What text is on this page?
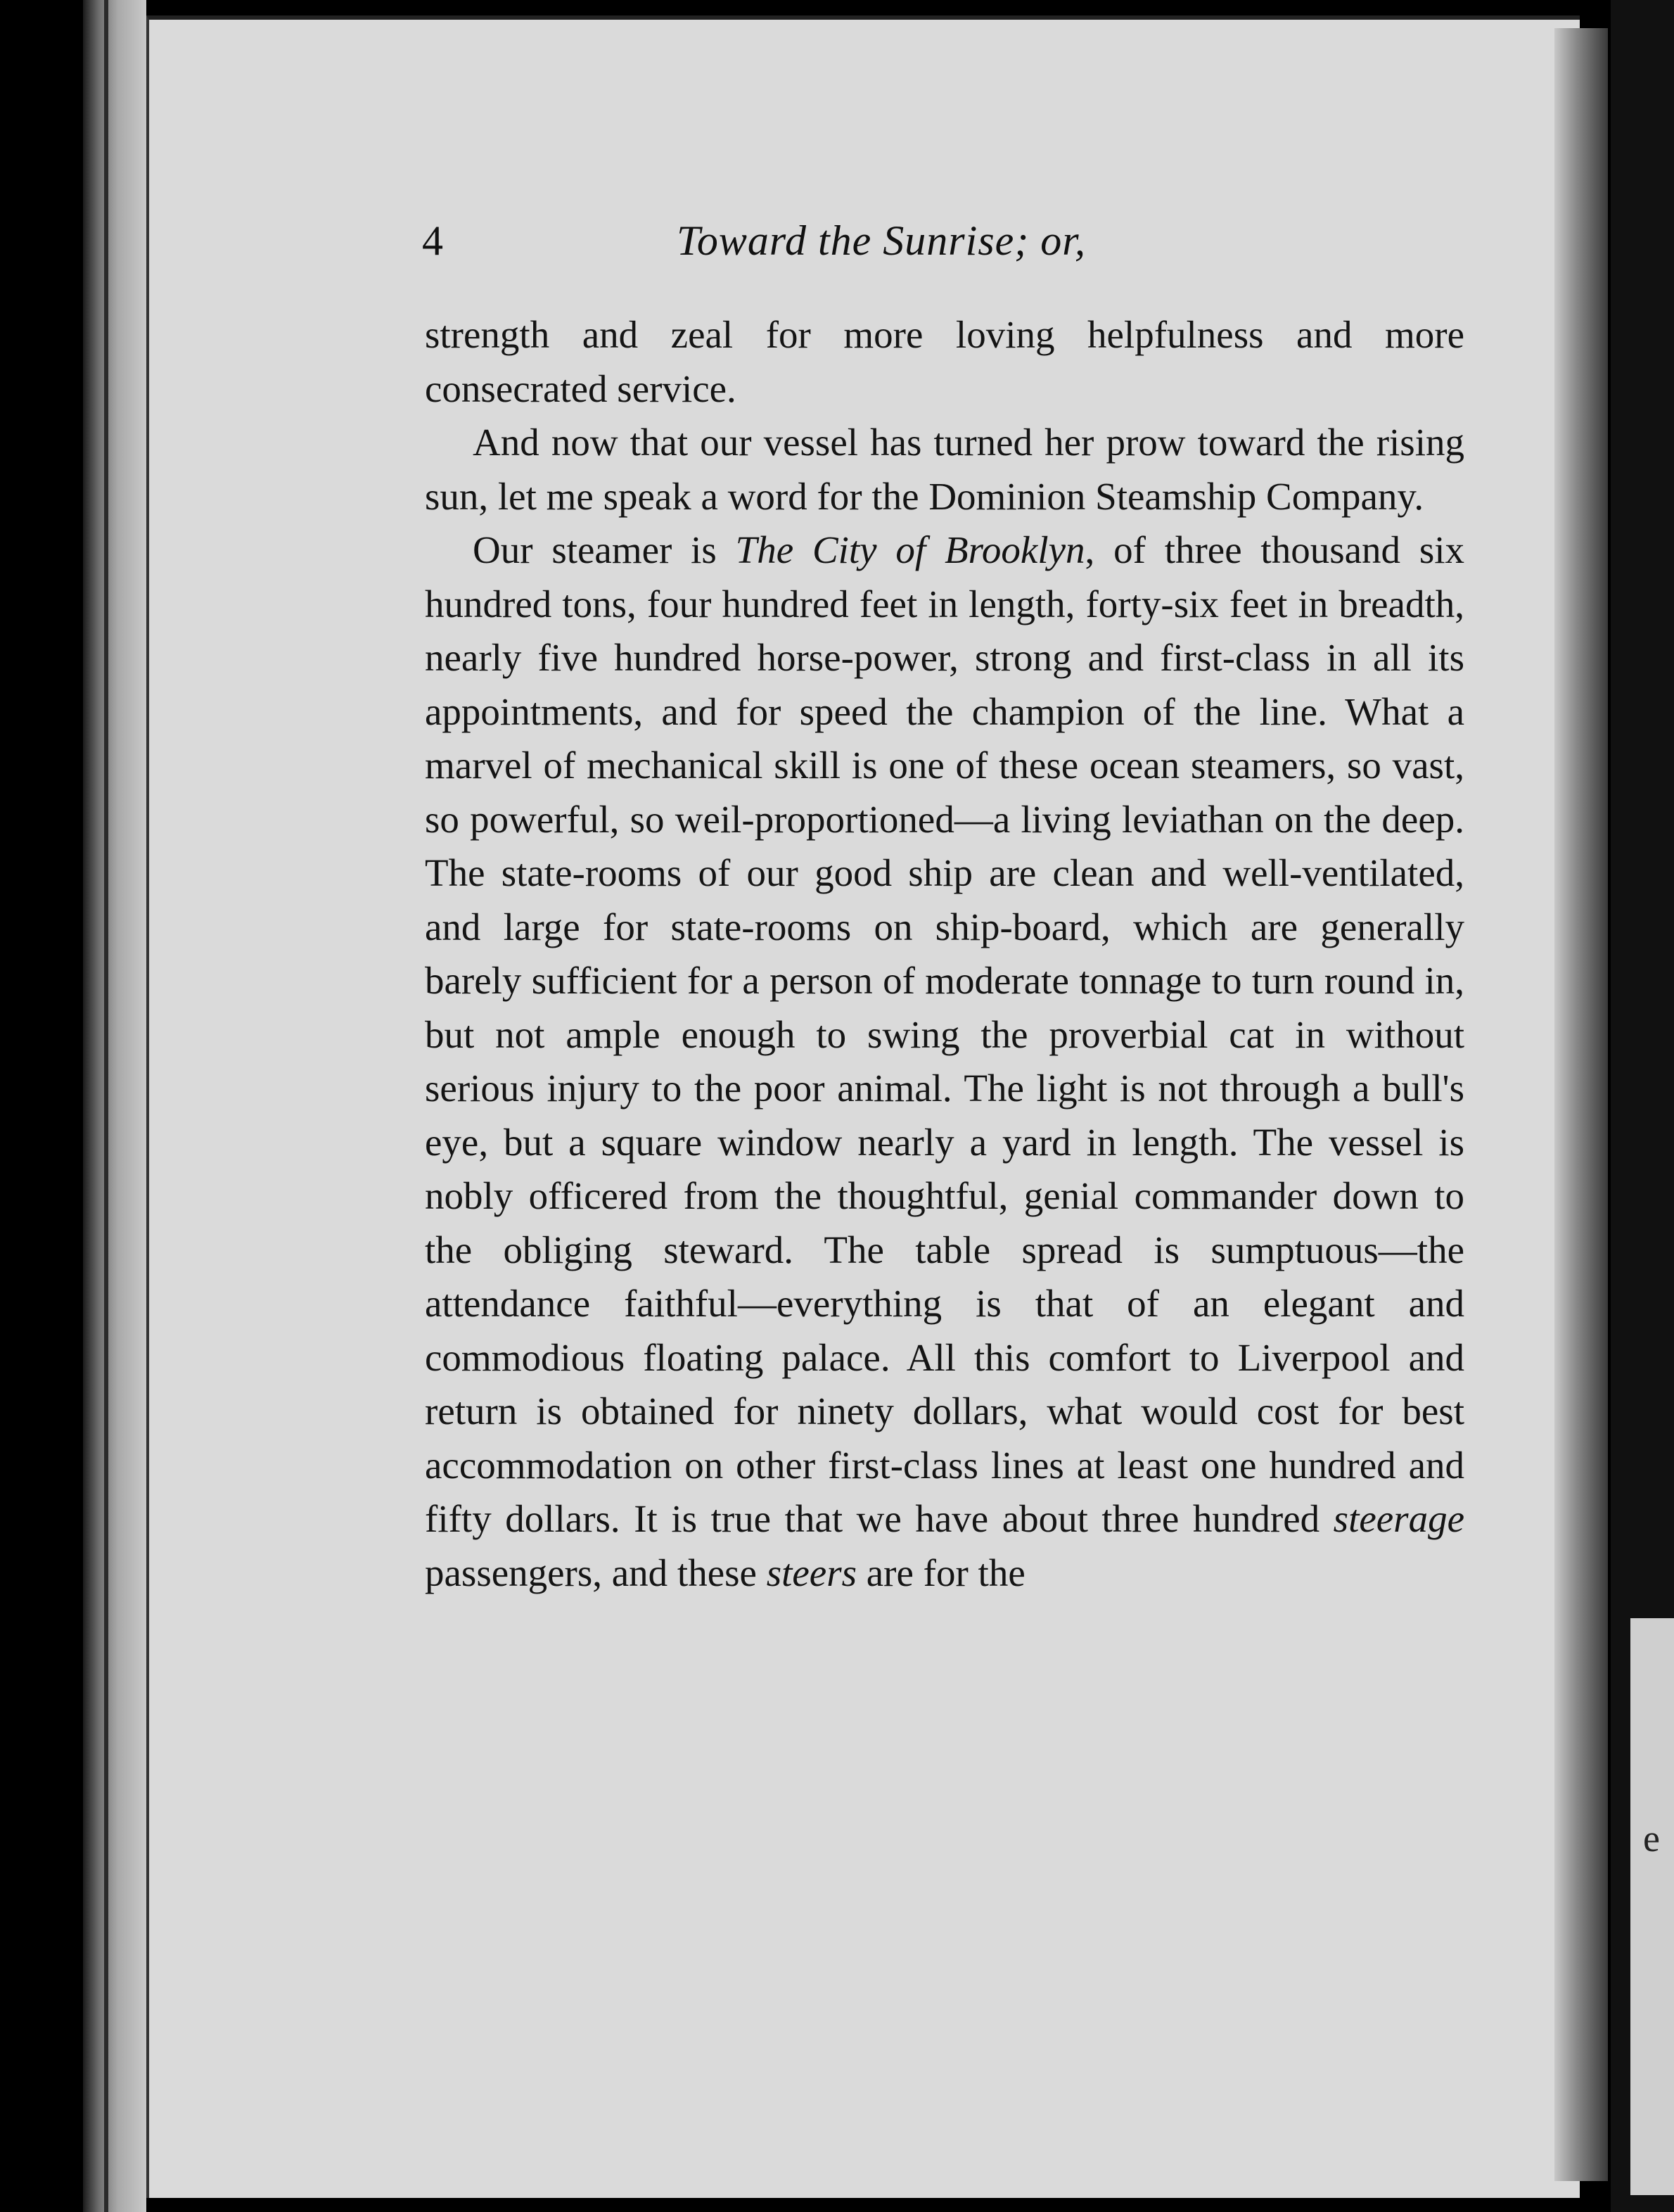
e
4	Toward the Sunrise; or,

strength and zeal for more loving helpfulness and more consecrated service.

And now that our vessel has turned her prow toward the rising sun, let me speak a word for the Dominion Steamship Company.

Our steamer is The City of Brooklyn, of three thousand six hundred tons, four hundred feet in length, forty-six feet in breadth, nearly five hundred horse-power, strong and first-class in all its appointments, and for speed the champion of the line. What a marvel of mechanical skill is one of these ocean steamers, so vast, so powerful, so weil-proportioned—a living leviathan on the deep. The state-rooms of our good ship are clean and well-ventilated, and large for state-rooms on ship-board, which are generally barely sufficient for a person of moderate tonnage to turn round in, but not ample enough to swing the proverbial cat in without serious injury to the poor animal. The light is not through a bull's eye, but a square window nearly a yard in length. The vessel is nobly officered from the thoughtful, genial commander down to the obliging steward. The table spread is sumptuous—the attendance faithful—everything is that of an elegant and commodious floating palace. All this comfort to Liverpool and return is obtained for ninety dollars, what would cost for best accommodation on other first-class lines at least one hundred and fifty dollars. It is true that we have about three hundred steerage passengers, and these steers are for the
